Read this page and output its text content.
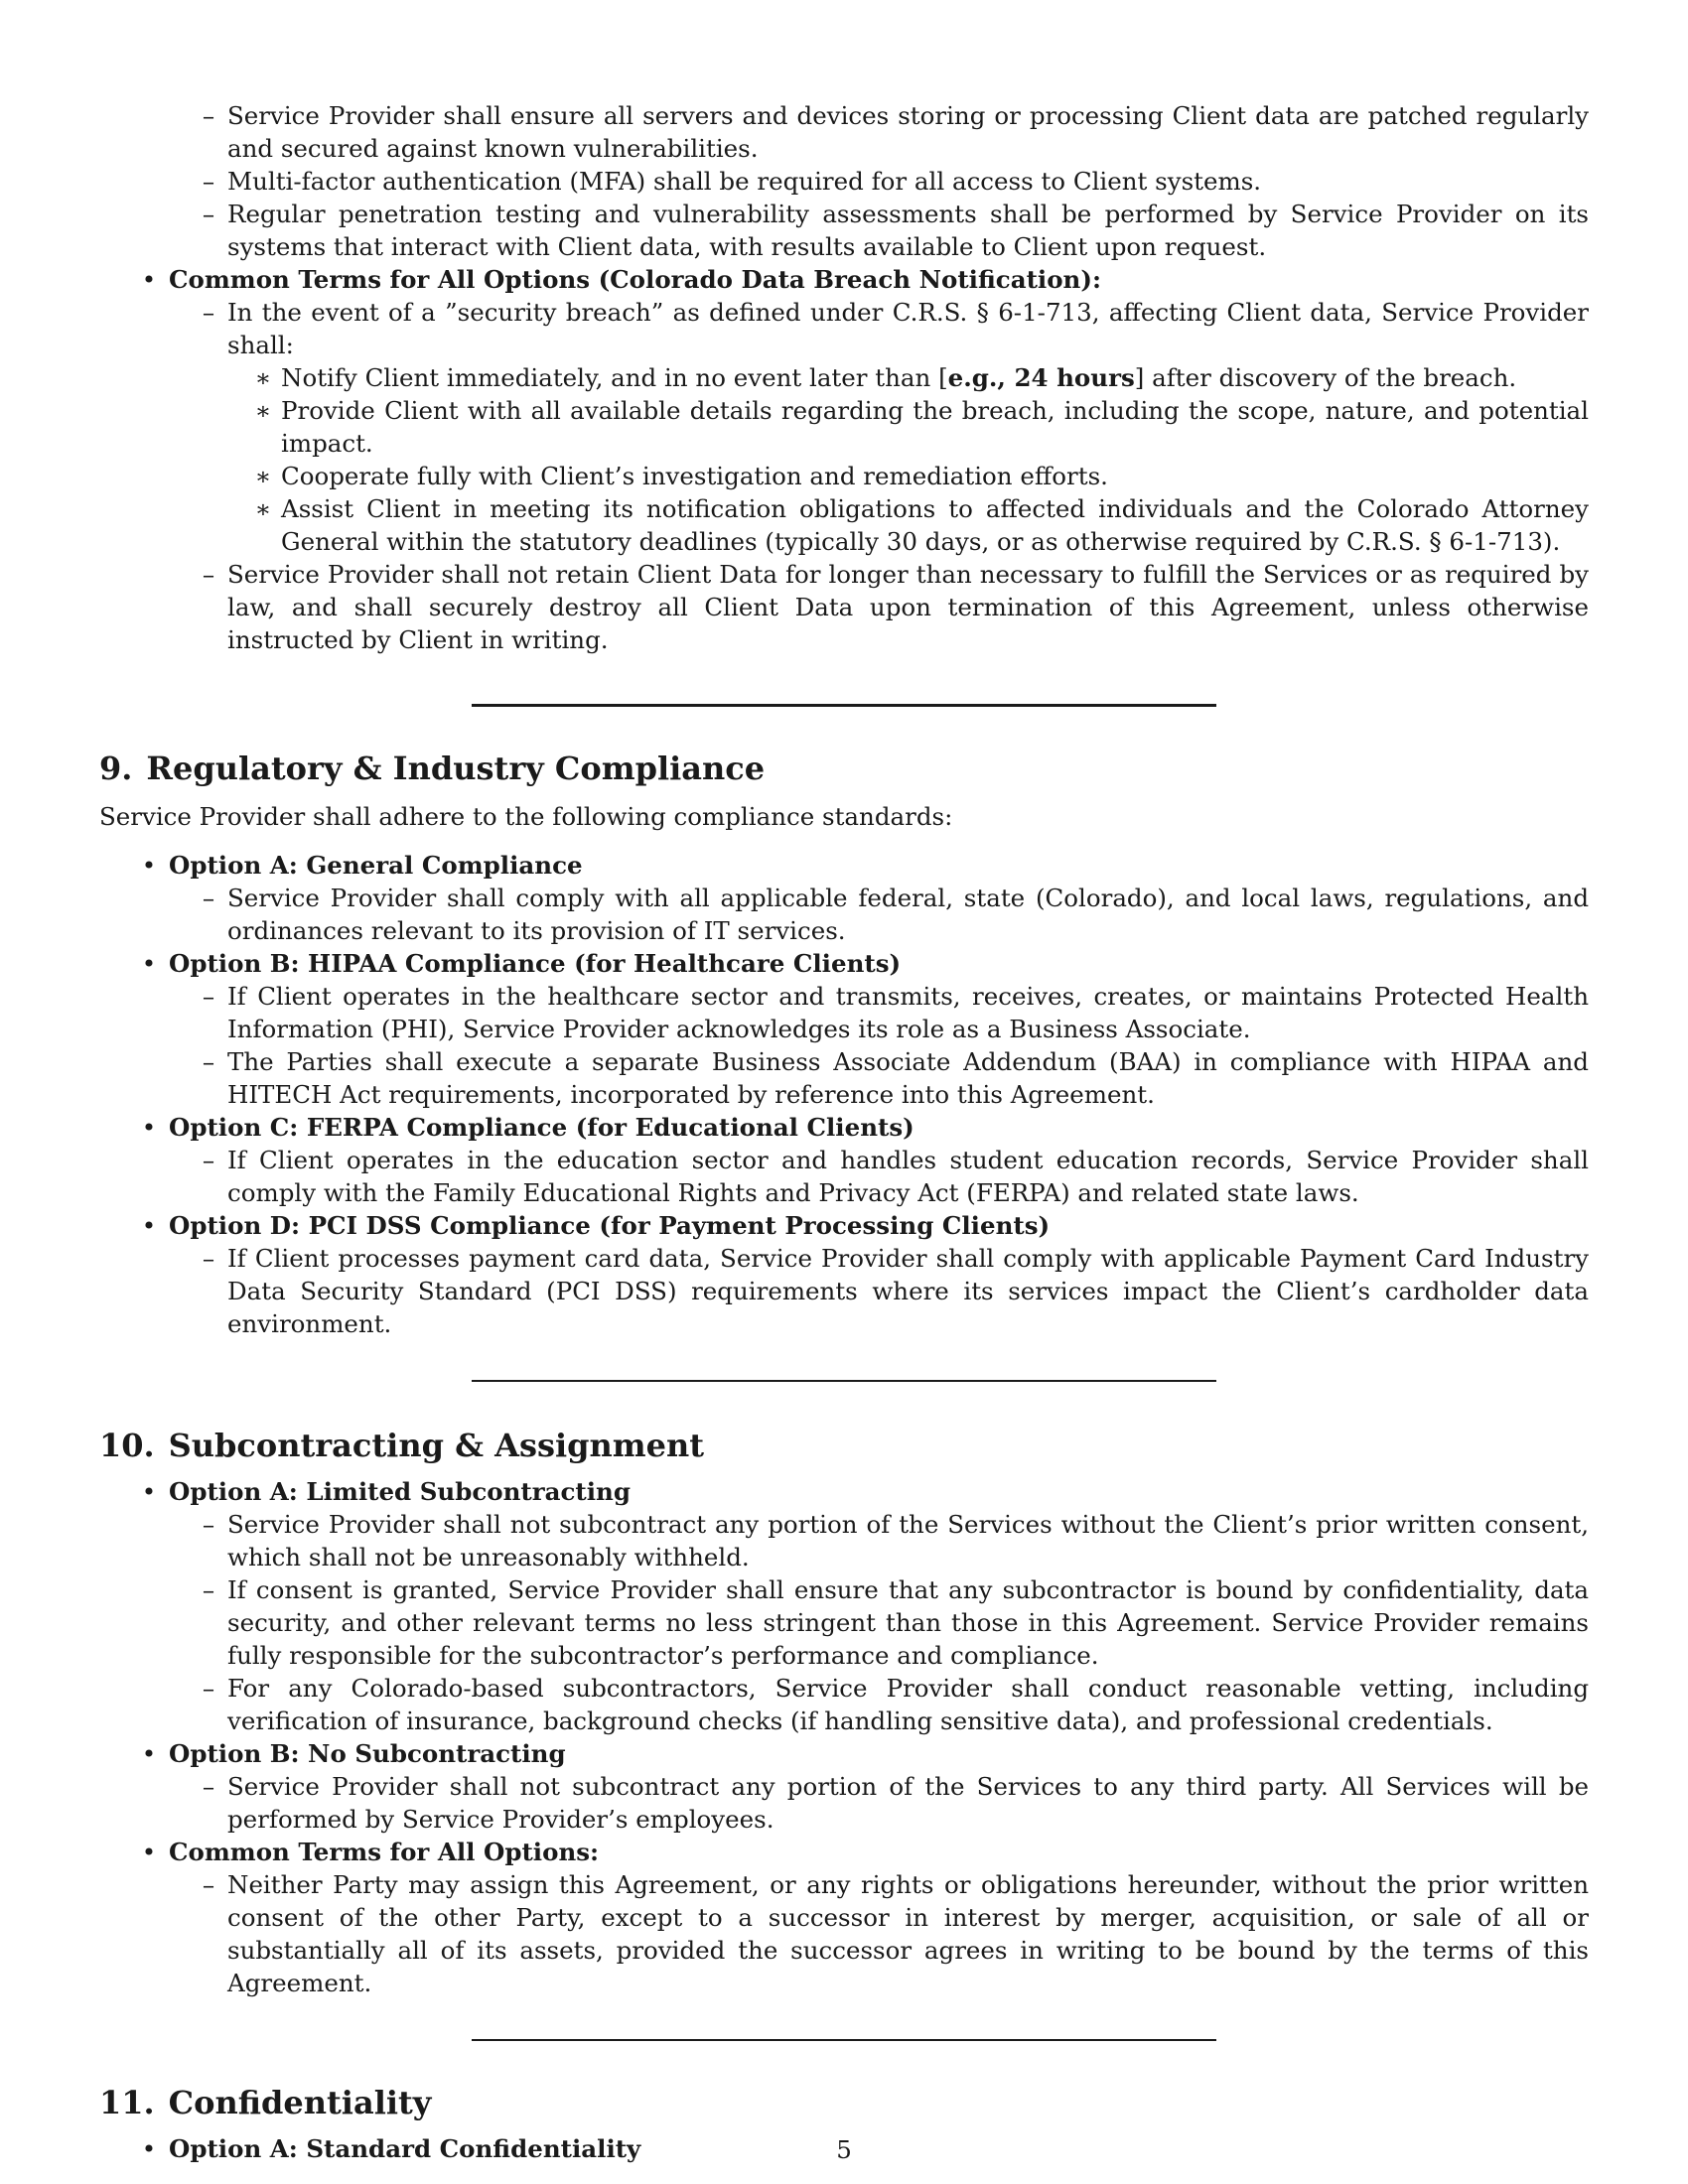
– Service Provider shall ensure all servers and devices storing or processing Client data are patched regularly and secured against known vulnerabilities.
– Multi-factor authentication (MFA) shall be required for all access to Client systems.
– Regular penetration testing and vulnerability assessments shall be performed by Service Provider on its systems that interact with Client data, with results available to Client upon request.
• Common Terms for All Options (Colorado Data Breach Notification):
– In the event of a ”security breach” as defined under C.R.S. § 6-1-713, affecting Client data, Service Provider shall:
∗ Notify Client immediately, and in no event later than [e.g., 24 hours] after discovery of the breach.
∗ Provide Client with all available details regarding the breach, including the scope, nature, and potential impact.
∗ Cooperate fully with Client’s investigation and remediation efforts.
∗ Assist Client in meeting its notification obligations to affected individuals and the Colorado Attorney General within the statutory deadlines (typically 30 days, or as otherwise required by C.R.S. § 6-1-713).
– Service Provider shall not retain Client Data for longer than necessary to fulfill the Services or as required by law, and shall securely destroy all Client Data upon termination of this Agreement, unless otherwise instructed by Client in writing.
9. Regulatory & Industry Compliance

Service Provider shall adhere to the following compliance standards:

• Option A: General Compliance
– Service Provider shall comply with all applicable federal, state (Colorado), and local laws, regulations, and ordinances relevant to its provision of IT services.
• Option B: HIPAA Compliance (for Healthcare Clients)
– If Client operates in the healthcare sector and transmits, receives, creates, or maintains Protected Health Information (PHI), Service Provider acknowledges its role as a Business Associate.
– The Parties shall execute a separate Business Associate Addendum (BAA) in compliance with HIPAA and HITECH Act requirements, incorporated by reference into this Agreement.
• Option C: FERPA Compliance (for Educational Clients)
– If Client operates in the education sector and handles student education records, Service Provider shall comply with the Family Educational Rights and Privacy Act (FERPA) and related state laws.
• Option D: PCI DSS Compliance (for Payment Processing Clients)
– If Client processes payment card data, Service Provider shall comply with applicable Payment Card Industry Data Security Standard (PCI DSS) requirements where its services impact the Client’s cardholder data environment.
10. Subcontracting & Assignment
• Option A: Limited Subcontracting
– Service Provider shall not subcontract any portion of the Services without the Client’s prior written consent, which shall not be unreasonably withheld.
– If consent is granted, Service Provider shall ensure that any subcontractor is bound by confidentiality, data security, and other relevant terms no less stringent than those in this Agreement. Service Provider remains fully responsible for the subcontractor’s performance and compliance.
– For any Colorado-based subcontractors, Service Provider shall conduct reasonable vetting, including verification of insurance, background checks (if handling sensitive data), and professional credentials.
• Option B: No Subcontracting
– Service Provider shall not subcontract any portion of the Services to any third party. All Services will be performed by Service Provider’s employees.
• Common Terms for All Options:
– Neither Party may assign this Agreement, or any rights or obligations hereunder, without the prior written consent of the other Party, except to a successor in interest by merger, acquisition, or sale of all or substantially all of its assets, provided the successor agrees in writing to be bound by the terms of this Agreement.
11. Confidentiality
• Option A: Standard Confidentiality	5
